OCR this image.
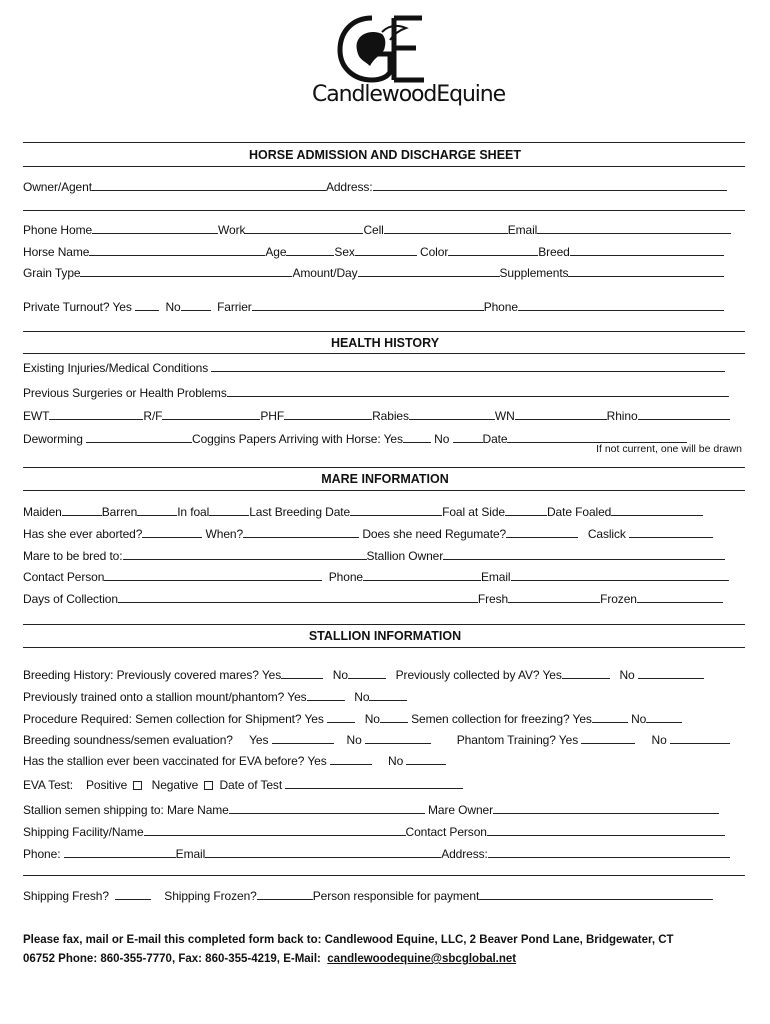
CandlewoodEquine
HORSE ADMISSION AND DISCHARGE SHEET
Owner/Agent	Address:
Phone Home	Work	Cell	Email
Horse Name	Age	Sex	Color	Breed
Grain Type	Amount/Day	Supplements
Private Turnout? Yes	No	Farrier	Phone
HEALTH HISTORY
Existing Injuries/Medical Conditions
Previous Surgeries or Health Problems
EWT	R/F	PHF	Rabies	WN	Rhino
Deworming	Coggins Papers Arriving with Horse: Yes	No	Date
If not current, one will be drawn
MARE INFORMATION
Maiden	Barren	In foal	Last Breeding Date	Foal at Side	Date Foaled
Has she ever aborted?	When?	Does she need Regumate?	Caslick
Mare to be bred to:	Stallion Owner
Contact Person	Phone	Email
Days of Collection	Fresh	Frozen
STALLION INFORMATION
Breeding History: Previously covered mares? Yes	No	Previously collected by AV? Yes	No
Previously trained onto a stallion mount/phantom? Yes	No
Procedure Required: Semen collection for Shipment? Yes	No	Semen collection for freezing? Yes	No
Breeding soundness/semen evaluation? Yes	No	Phantom Training? Yes	No
Has the stallion ever been vaccinated for EVA before? Yes	No
EVA Test: Positive Negative Date of Test
Stallion semen shipping to: Mare Name	Mare Owner
Shipping Facility/Name	Contact Person
Phone:	Email	Address:
Shipping Fresh?	Shipping Frozen?	Person responsible for payment
Please fax, mail or E-mail this completed form back to: Candlewood Equine, LLC, 2 Beaver Pond Lane, Bridgewater, CT
06752 Phone: 860-355-7770, Fax: 860-355-4219, E-Mail: candlewoodequine@sbcglobal.net
